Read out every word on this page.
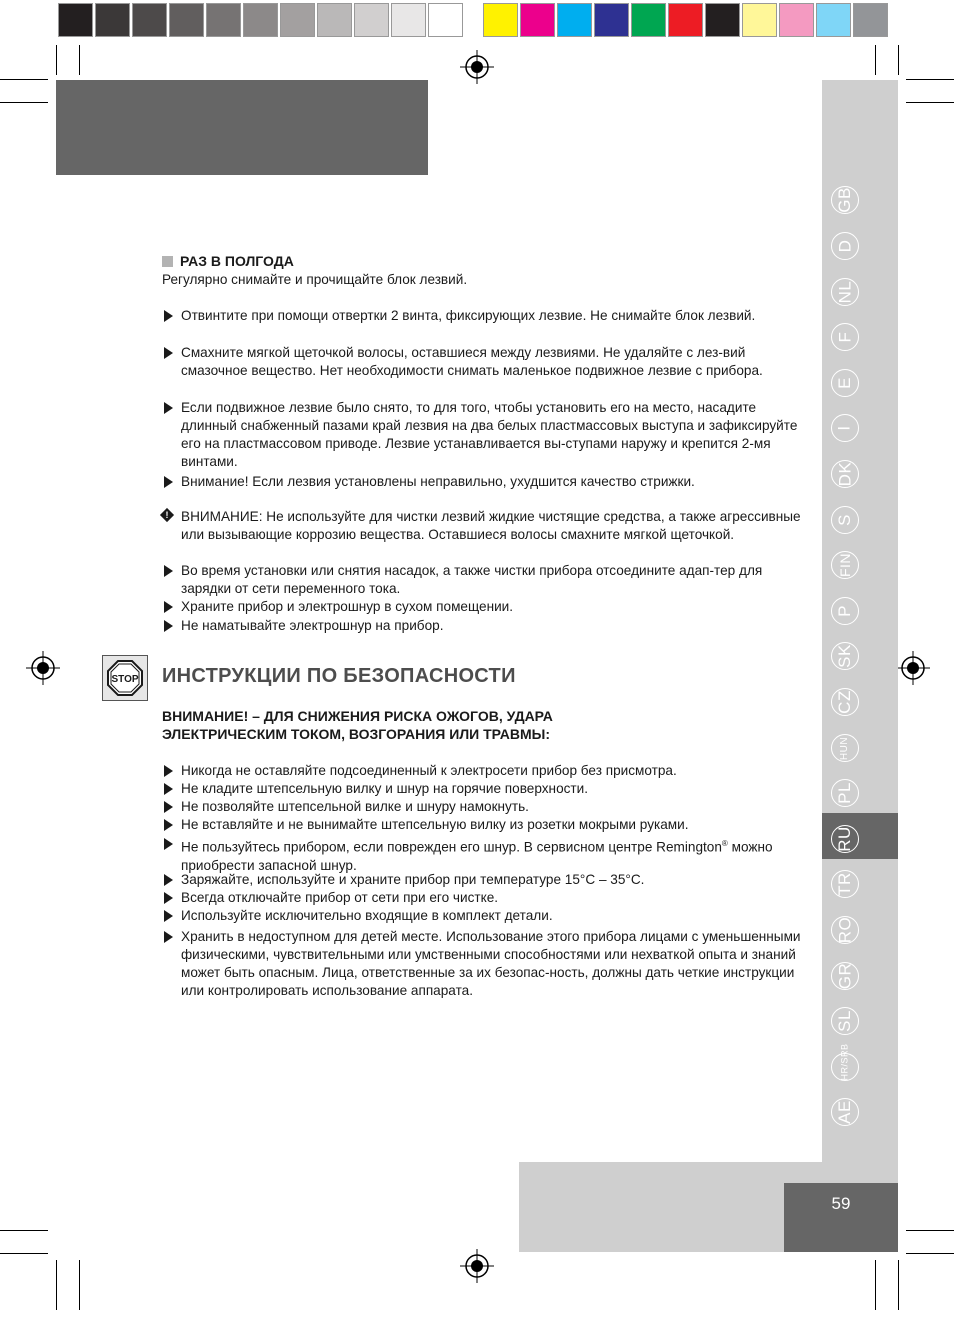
GB
D
NL
F
E
I
DK
S
FIN
P
SK
CZ
HUN
PL
RU
TR
RO
GR
SL
HR/SRB
AE
59
РАЗ В ПОЛГОДА
Регулярно снимайте и прочищайте блок лезвий.
Отвинтите при помощи отвертки 2 винта, фиксирующих лезвие. Не снимайте блок лезвий.
Смахните мягкой щеточкой волосы, оставшиеся между лезвиями. Не удаляйте с лез-вий смазочное вещество. Нет необходимости снимать маленькое подвижное лезвие с прибора.
Если подвижное лезвие было снято, то для того, чтобы установить его на место, насадите длинный снабженный пазами край лезвия на два белых пластмассовых выступа и зафиксируйте его на пластмассовом приводе. Лезвие устанавливается вы-ступами наружу и крепится 2-мя винтами.
Внимание! Если лезвия установлены неправильно, ухудшится качество стрижки.
! ВНИМАНИЕ: Не используйте для чистки лезвий жидкие чистящие средства, а также агрессивные или вызывающие коррозию вещества. Оставшиеся волосы смахните мягкой щеточкой.
Во время установки или снятия насадок, а также чистки прибора отсоедините адап-тер для зарядки от сети переменного тока.
Храните прибор и электрошнур в сухом помещении.
Не наматывайте электрошнур на прибор.
STOP ИНСТРУКЦИИ ПО БЕЗОПАСНОСТИ
ВНИМАНИЕ! – ДЛЯ СНИЖЕНИЯ РИСКА ОЖОГОВ, УДАРА
ЭЛЕКТРИЧЕСКИМ ТОКОМ, ВОЗГОРАНИЯ ИЛИ ТРАВМЫ:
Никогда не оставляйте подсоединенный к электросети прибор без присмотра.
Не кладите штепсельную вилку и шнур на горячие поверхности.
Не позволяйте штепсельной вилке и шнуру намокнуть.
Не вставляйте и не вынимайте штепсельную вилку из розетки мокрыми руками.
Не пользуйтесь прибором, если поврежден его шнур. В сервисном центре Remington® можно приобрести запасной шнур.
Заряжайте, используйте и храните прибор при температуре 15°C – 35°C.
Всегда отключайте прибор от сети при его чистке.
Используйте исключительно входящие в комплект детали.
Хранить в недоступном для детей месте. Использование этого прибора лицами с уменьшенными физическими, чувствительными или умственными способностями или нехваткой опыта и знаний может быть опасным. Лица, ответственные за их безопас-ность, должны дать четкие инструкции или контролировать использование аппарата.
